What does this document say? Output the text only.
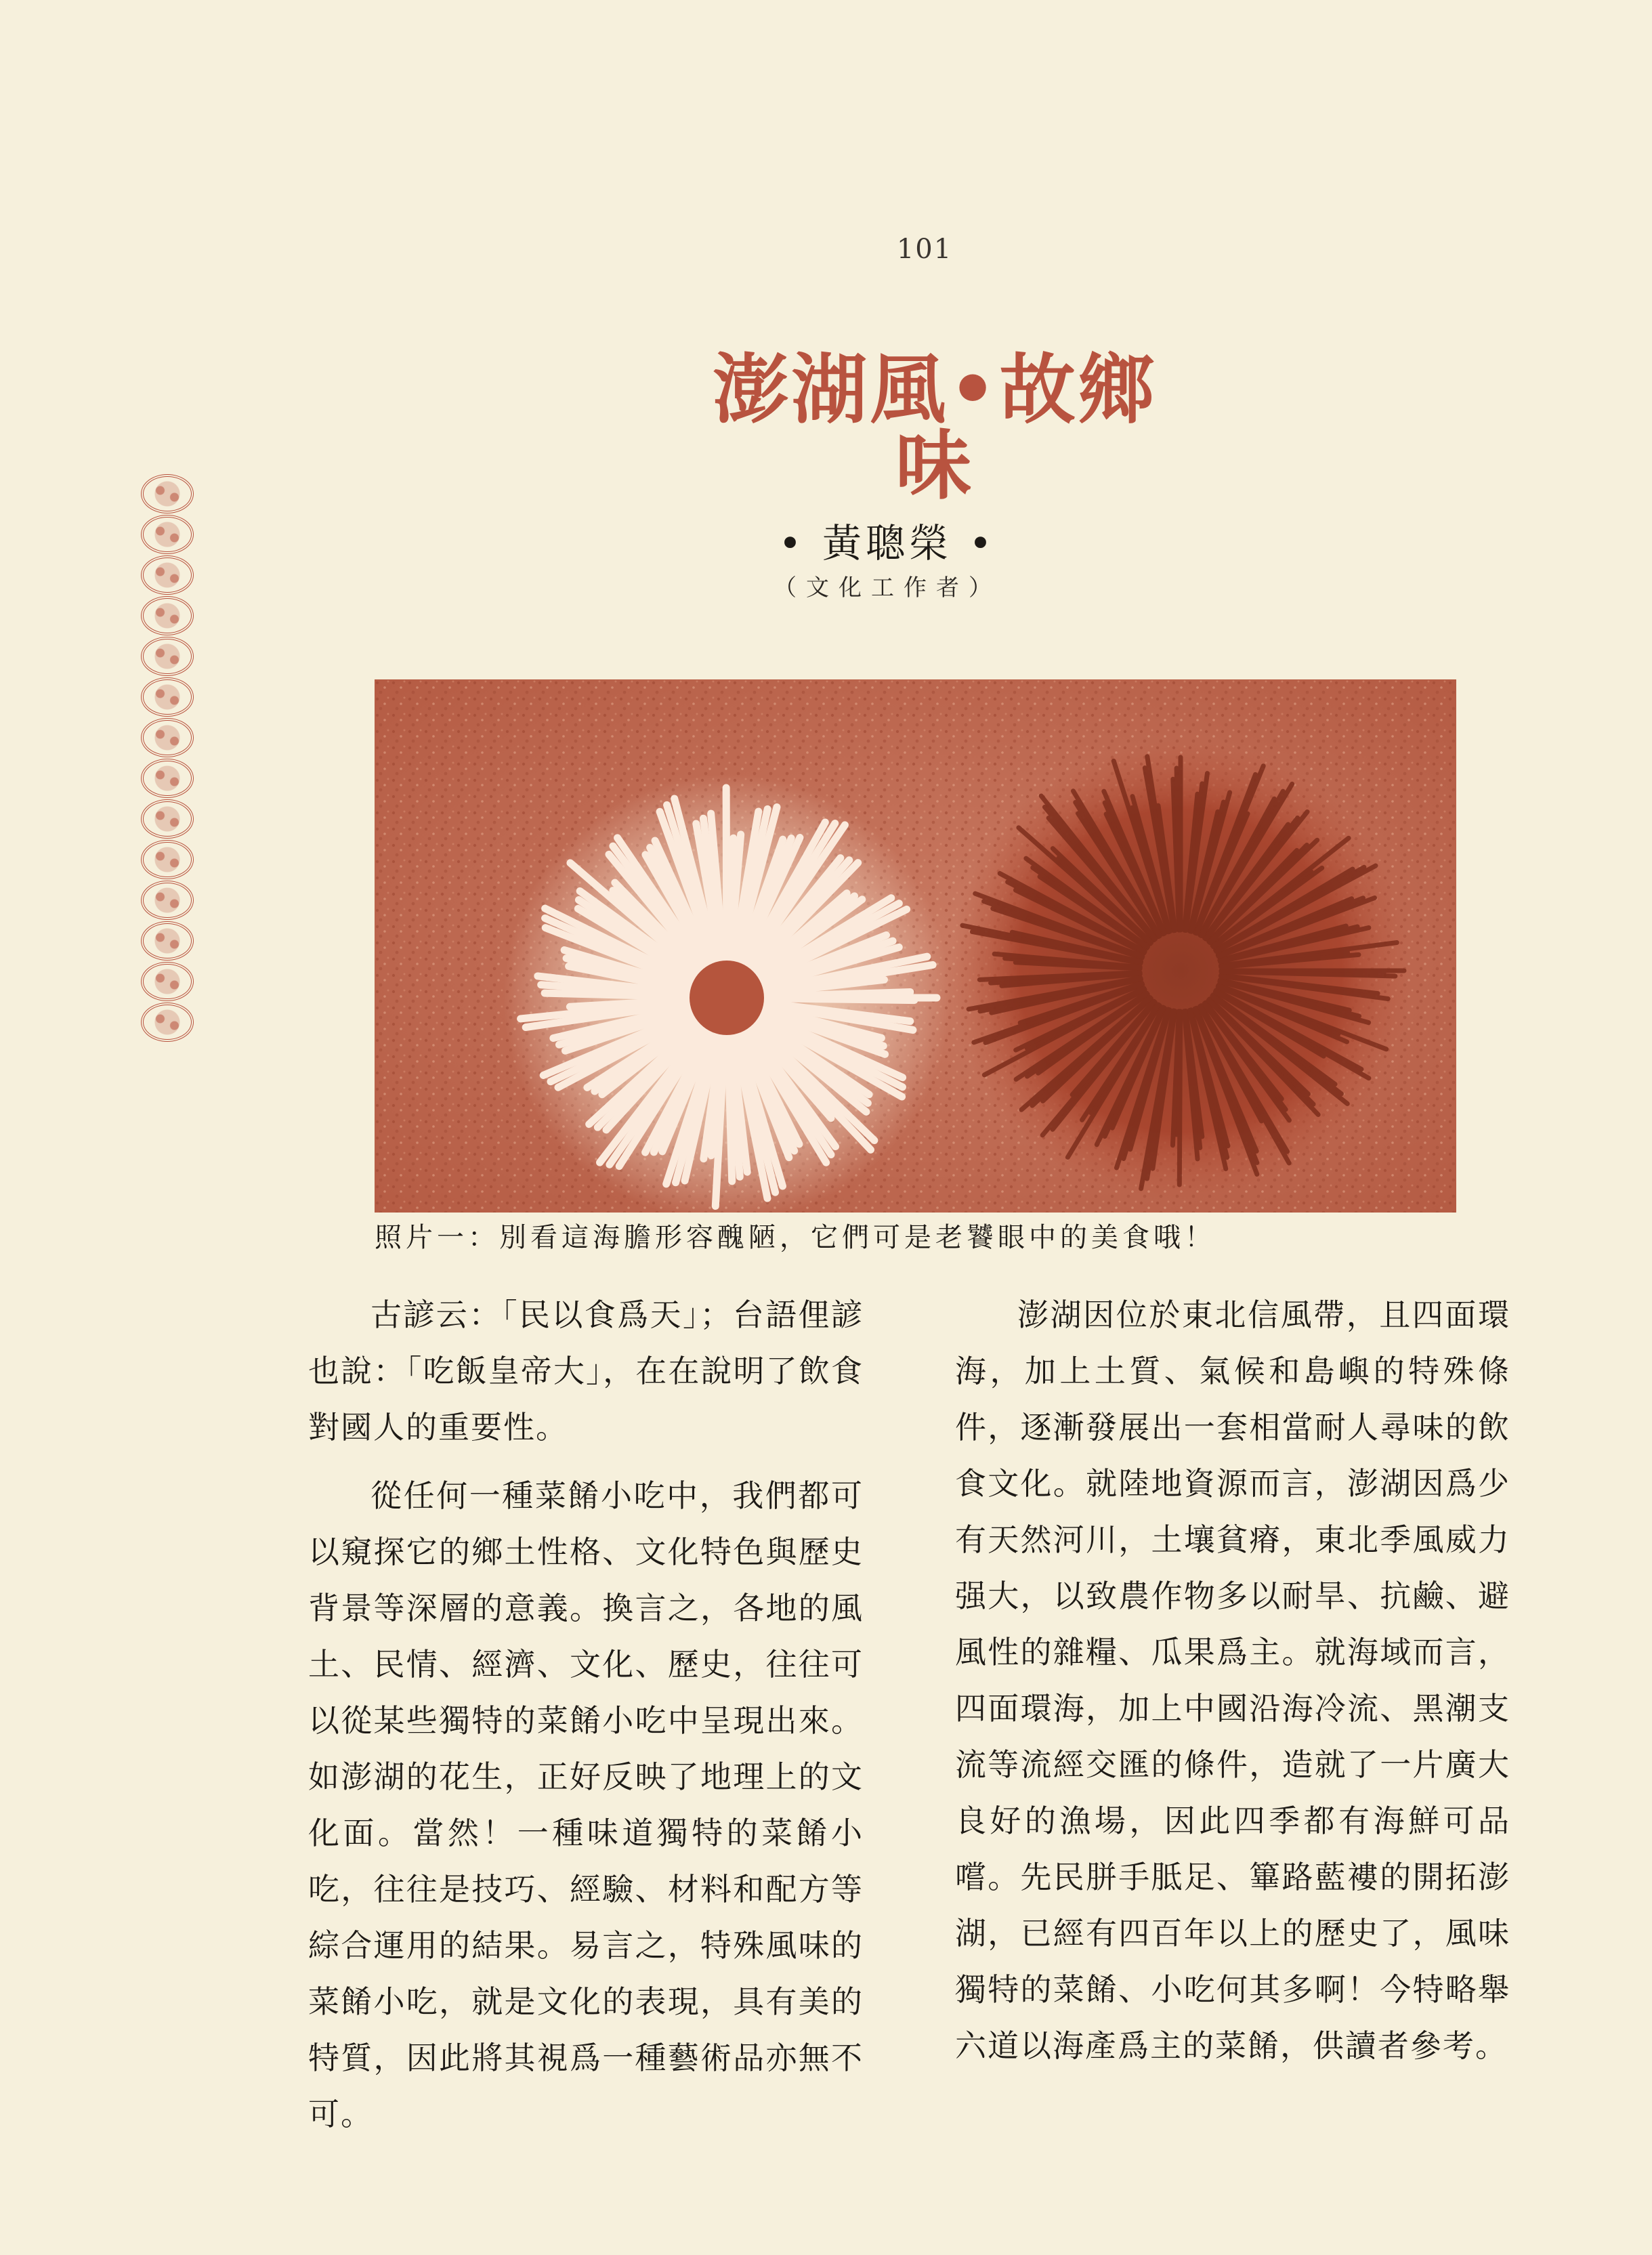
101
澎湖風•故鄉味
• 黃聰榮 •
（文化工作者）
照片一：別看這海膽形容醜陋，它們可是老饕眼中的美食哦！

古諺云：「民以食爲天」；台語俚諺也說：「吃飯皇帝大」，在在說明了飲食對國人的重要性。

從任何一種菜餚小吃中，我們都可以窺探它的鄉土性格、文化特色與歷史背景等深層的意義。換言之，各地的風土、民情、經濟、文化、歷史，往往可以從某些獨特的菜餚小吃中呈現出來。如澎湖的花生，正好反映了地理上的文化面。當然！一種味道獨特的菜餚小吃，往往是技巧、經驗、材料和配方等綜合運用的結果。易言之，特殊風味的菜餚小吃，就是文化的表現，具有美的特質，因此將其視爲一種藝術品亦無不可。

澎湖因位於東北信風帶，且四面環海，加上土質、氣候和島嶼的特殊條件，逐漸發展出一套相當耐人尋味的飲食文化。就陸地資源而言，澎湖因爲少有天然河川，土壤貧瘠，東北季風威力强大，以致農作物多以耐旱、抗鹼、避風性的雜糧、瓜果爲主。就海域而言，四面環海，加上中國沿海冷流、黑潮支流等流經交匯的條件，造就了一片廣大良好的漁場，因此四季都有海鮮可品嚐。先民胼手胝足、篳路藍褸的開拓澎湖，已經有四百年以上的歷史了，風味獨特的菜餚、小吃何其多啊！今特略舉六道以海產爲主的菜餚，供讀者參考。
